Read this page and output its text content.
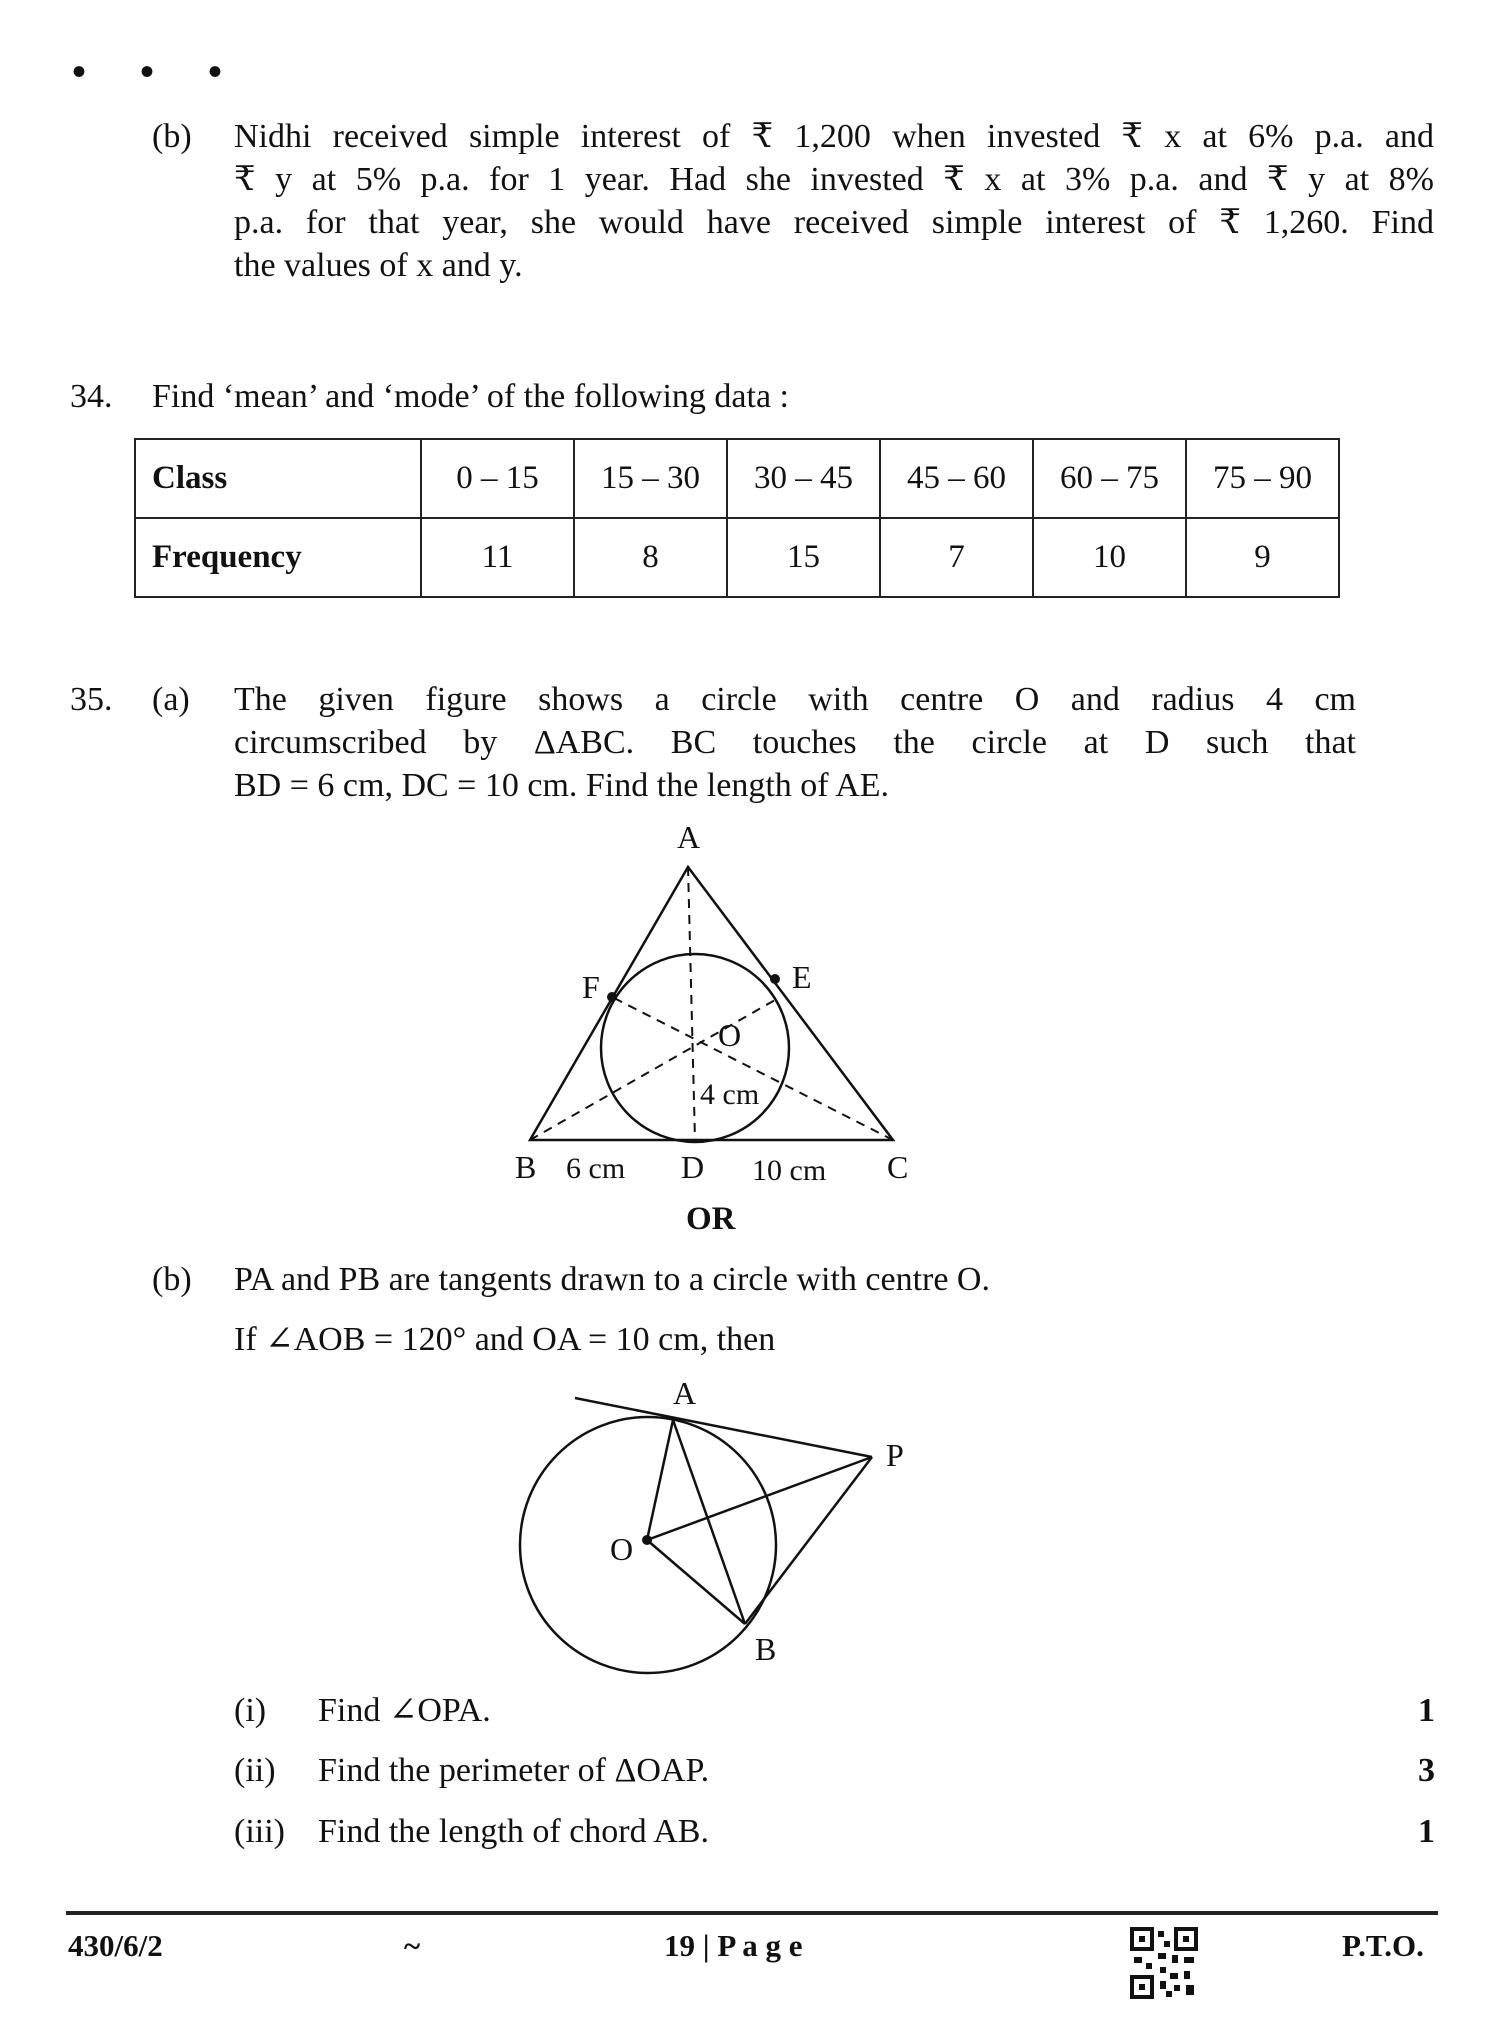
• • •
(b) Nidhi received simple interest of ₹ 1,200 when invested ₹ x at 6% p.a. and
₹ y at 5% p.a. for 1 year. Had she invested ₹ x at 3% p.a. and ₹ y at 8%
p.a. for that year, she would have received simple interest of ₹ 1,260. Find
the values of x and y.
34. Find ‘mean’ and ‘mode’ of the following data :
Class	0 – 15	15 – 30	30 – 45	45 – 60	60 – 75	75 – 90
Frequency	11	8	15	7	10	9
35. (a) The given figure shows a circle with centre O and radius 4 cm
circumscribed by ΔABC. BC touches the circle at D such that
BD = 6 cm, DC = 10 cm. Find the length of AE.
A
B	C
D
E
F
O
4 cm
6 cm	10 cm
A
B
O
P
OR
(b) PA and PB are tangents drawn to a circle with centre O.
If ∠AOB = 120° and OA = 10 cm, then
(i) Find ∠OPA.	1
(ii) Find the perimeter of ΔOAP.	3
(iii) Find the length of chord AB.	1
430/6/2	~	19 | P a g e	P.T.O.
